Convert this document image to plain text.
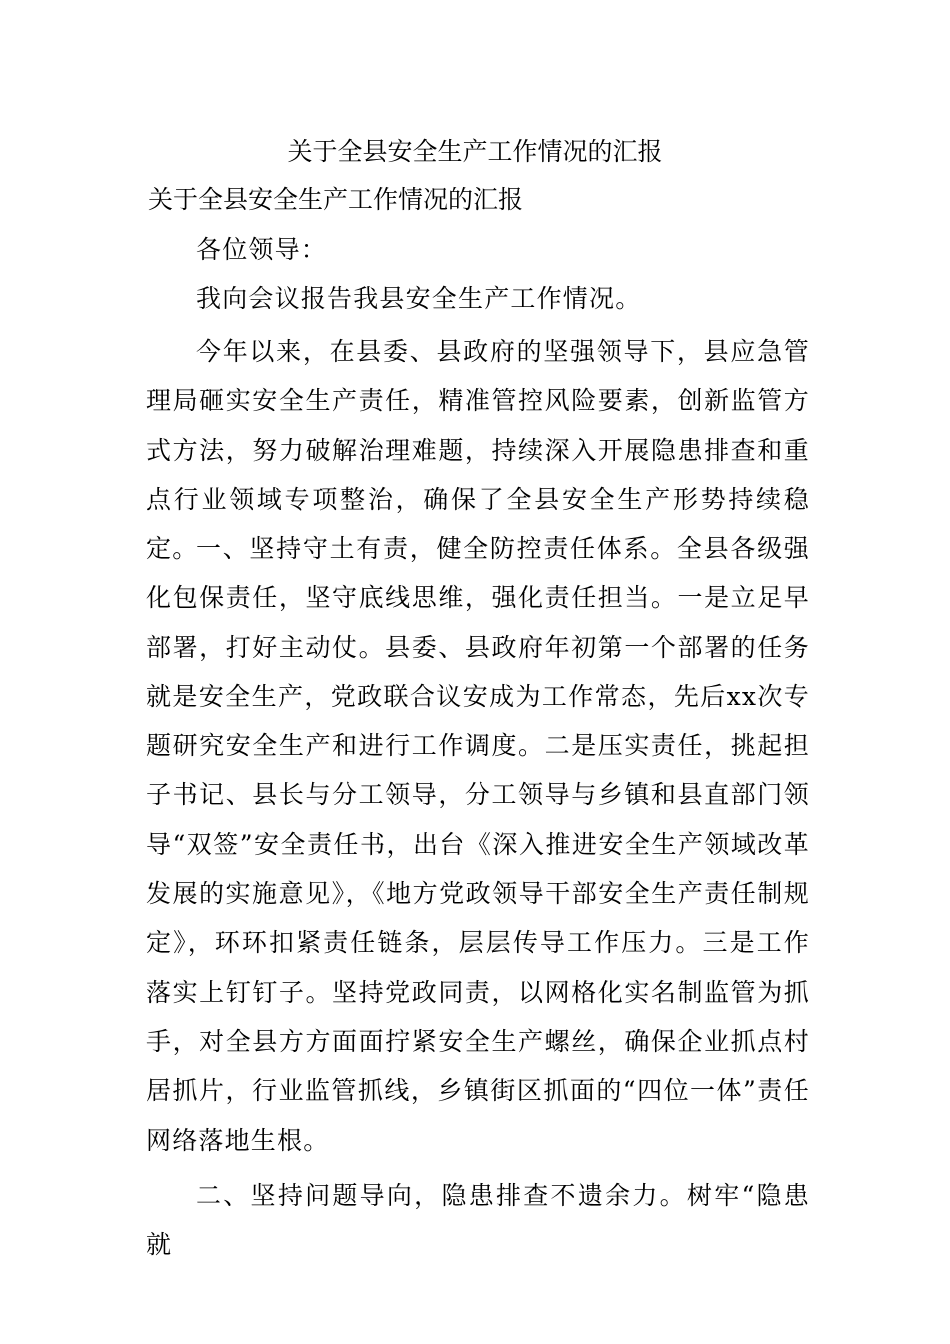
关于全县安全生产工作情况的汇报
关于全县安全生产工作情况的汇报

各位领导：

我向会议报告我县安全生产工作情况。

今年以来，在县委、县政府的坚强领导下，县应急管理局砸实安全生产责任，精准管控风险要素，创新监管方式方法，努力破解治理难题，持续深入开展隐患排查和重点行业领域专项整治，确保了全县安全生产形势持续稳定。

一、坚持守土有责，健全防控责任体系。全县各级强化包保责任，坚守底线思维，强化责任担当。一是立足早部署，打好主动仗。县委、县政府年初第一个部署的任务就是安全生产，党政联合议安成为工作常态，先后xx次专题研究安全生产和进行工作调度。二是压实责任，挑起担子书记、县长与分工领导，分工领导与乡镇和县直部门领导“双签”安全责任书，出台《深入推进安全生产领域改革发展的实施意见》，《地方党政领导干部安全生产责任制规定》，环环扣紧责任链条，层层传导工作压力。三是工作落实上钉钉子。坚持党政同责，以网格化实名制监管为抓手，对全县方方面面拧紧安全生产螺丝，确保企业抓点村居抓片，行业监管抓线，乡镇街区抓面的“四位一体”责任网络落地生根。

二、坚持问题导向，隐患排查不遗余力。树牢“隐患就
